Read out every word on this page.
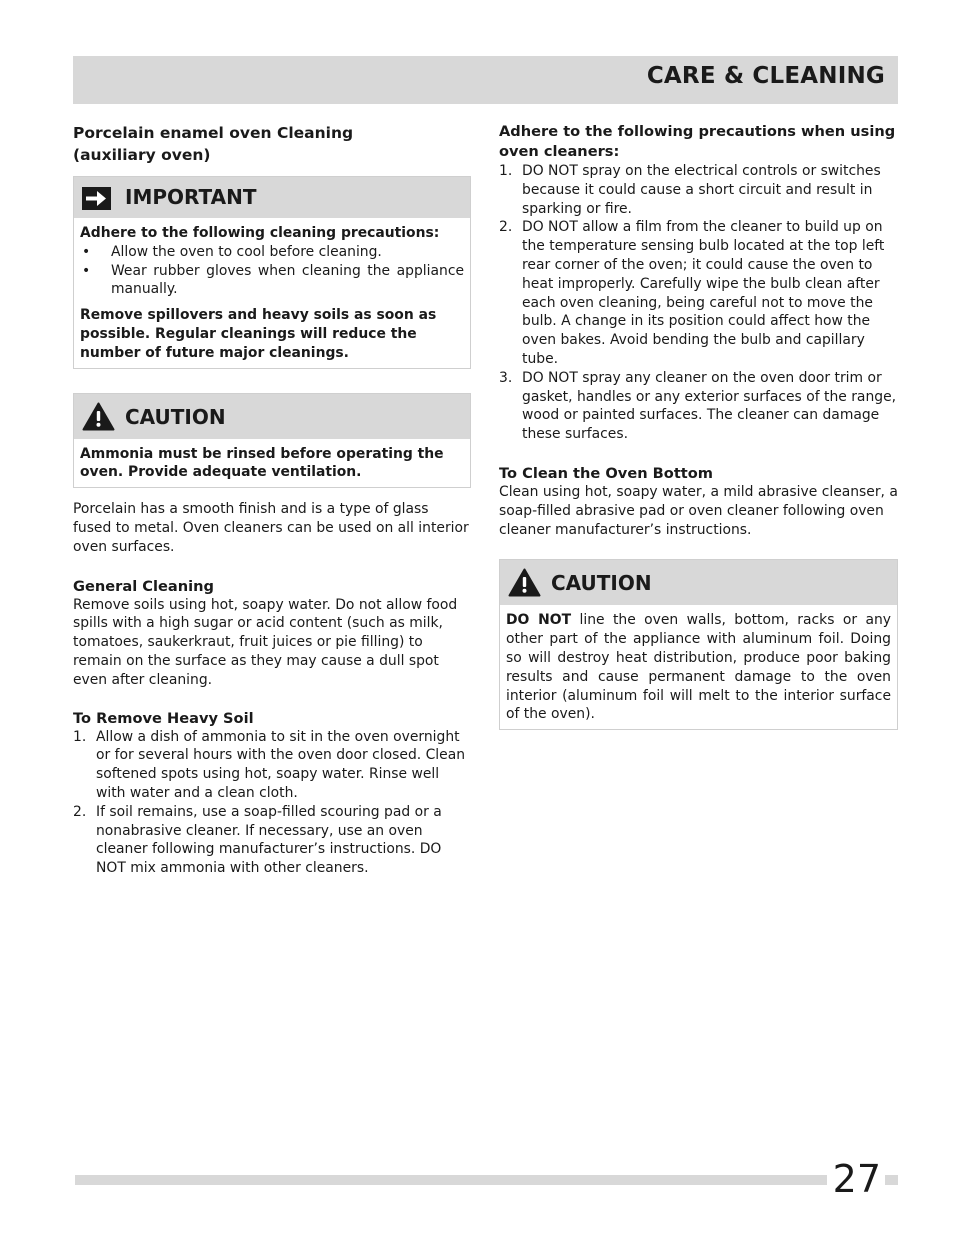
CARE & CLEANING
Porcelain enamel oven Cleaning (auxiliary oven)
IMPORTANT

Adhere to the following cleaning precautions:

• Allow the oven to cool before cleaning.
• Wear rubber gloves when cleaning the appliance manually.

Remove spillovers and heavy soils as soon as possible. Regular cleanings will reduce the number of future major cleanings.

CAUTION

Ammonia must be rinsed before operating the oven. Provide adequate ventilation.

Porcelain has a smooth finish and is a type of glass fused to metal. Oven cleaners can be used on all interior oven surfaces.

General Cleaning

Remove soils using hot, soapy water. Do not allow food spills with a high sugar or acid content (such as milk, tomatoes, saukerkraut, fruit juices or pie filling) to remain on the surface as they may cause a dull spot even after cleaning.

To Remove Heavy Soil
1. Allow a dish of ammonia to sit in the oven overnight or for several hours with the oven door closed. Clean softened spots using hot, soapy water. Rinse well with water and a clean cloth.
2. If soil remains, use a soap-filled scouring pad or a nonabrasive cleaner. If necessary, use an oven cleaner following manufacturer’s instructions. DO NOT mix ammonia with other cleaners.
Adhere to the following precautions when using oven cleaners:
1. DO NOT spray on the electrical controls or switches because it could cause a short circuit and result in sparking or fire.
2. DO NOT allow a film from the cleaner to build up on the temperature sensing bulb located at the top left rear corner of the oven; it could cause the oven to heat improperly. Carefully wipe the bulb clean after each oven cleaning, being careful not to move the bulb. A change in its position could affect how the oven bakes. Avoid bending the bulb and capillary tube.
3. DO NOT spray any cleaner on the oven door trim or gasket, handles or any exterior surfaces of the range, wood or painted surfaces. The cleaner can damage these surfaces.
To Clean the Oven Bottom

Clean using hot, soapy water, a mild abrasive cleanser, a soap-filled abrasive pad or oven cleaner following oven cleaner manufacturer’s instructions.

CAUTION

DO NOT line the oven walls, bottom, racks or any other part of the appliance with aluminum foil. Doing so will destroy heat distribution, produce poor baking results and cause permanent damage to the oven interior (aluminum foil will melt to the interior surface of the oven).

27
